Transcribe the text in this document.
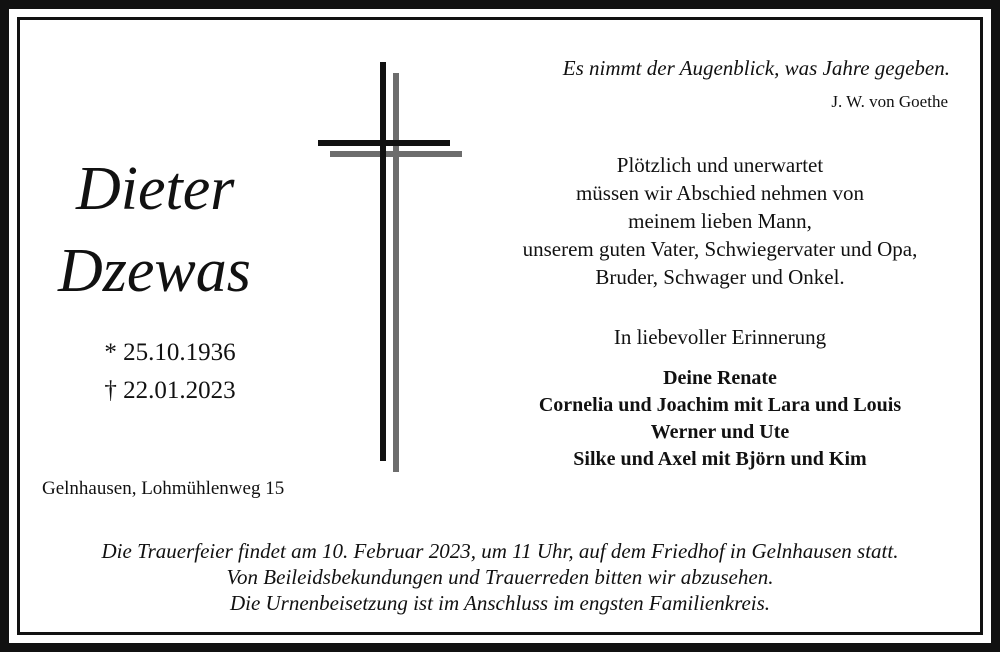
Dieter
Dzewas
* 25.10.1936
† 22.01.2023
Gelnhausen, Lohmühlenweg 15
Es nimmt der Augenblick, was Jahre gegeben.
J. W. von Goethe
Plötzlich und unerwartet
müssen wir Abschied nehmen von
meinem lieben Mann,
unserem guten Vater, Schwiegervater und Opa,
Bruder, Schwager und Onkel.
In liebevoller Erinnerung
Deine Renate
Cornelia und Joachim mit Lara und Louis
Werner und Ute
Silke und Axel mit Björn und Kim
Die Trauerfeier findet am 10. Februar 2023, um 11 Uhr, auf dem Friedhof in Gelnhausen statt.
Von Beileidsbekundungen und Trauerreden bitten wir abzusehen.
Die Urnenbeisetzung ist im Anschluss im engsten Familienkreis.
